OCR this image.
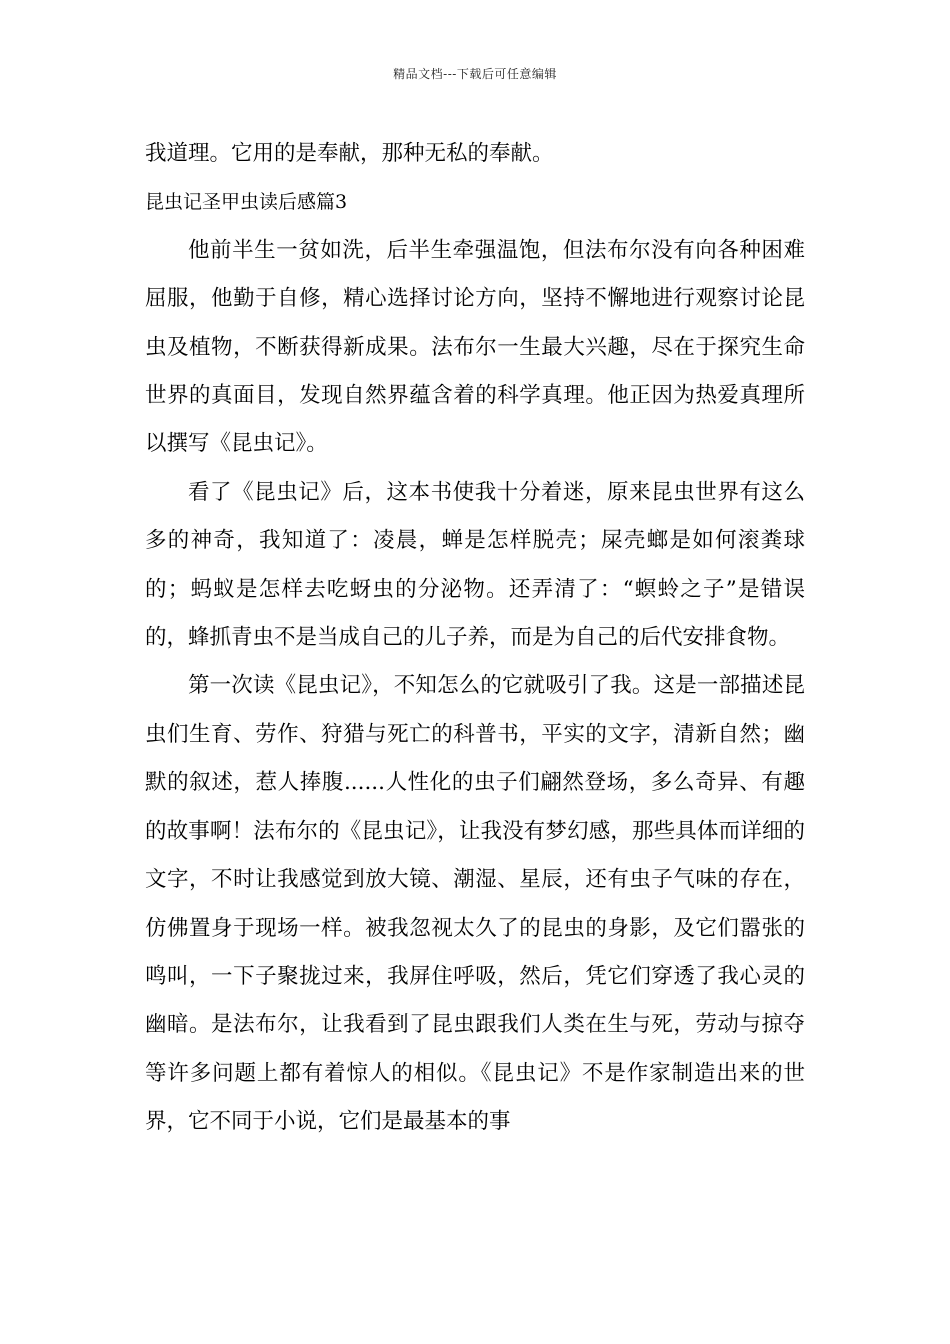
精品文档---下载后可任意编辑

我道理。它用的是奉献，那种无私的奉献。

昆虫记圣甲虫读后感篇3

他前半生一贫如洗，后半生牵强温饱，但法布尔没有向各种困难屈服，他勤于自修，精心选择讨论方向，坚持不懈地进行观察讨论昆虫及植物，不断获得新成果。法布尔一生最大兴趣，尽在于探究生命世界的真面目，发现自然界蕴含着的科学真理。他正因为热爱真理所以撰写《昆虫记》。

看了《昆虫记》后，这本书使我十分着迷，原来昆虫世界有这么多的神奇，我知道了：凌晨，蝉是怎样脱壳；屎壳螂是如何滚粪球的；蚂蚁是怎样去吃蚜虫的分泌物。还弄清了：“螟蛉之子”是错误的，蜂抓青虫不是当成自己的儿子养，而是为自己的后代安排食物。

第一次读《昆虫记》，不知怎么的它就吸引了我。这是一部描述昆虫们生育、劳作、狩猎与死亡的科普书，平实的文字，清新自然；幽默的叙述，惹人捧腹......人性化的虫子们翩然登场，多么奇异、有趣的故事啊！法布尔的《昆虫记》，让我没有梦幻感，那些具体而详细的文字，不时让我感觉到放大镜、潮湿、星辰，还有虫子气味的存在，仿佛置身于现场一样。被我忽视太久了的昆虫的身影，及它们嚣张的鸣叫，一下子聚拢过来，我屏住呼吸，然后，凭它们穿透了我心灵的幽暗。是法布尔，让我看到了昆虫跟我们人类在生与死，劳动与掠夺等许多问题上都有着惊人的相似。《昆虫记》不是作家制造出来的世界，它不同于小说，它们是最基本的事
